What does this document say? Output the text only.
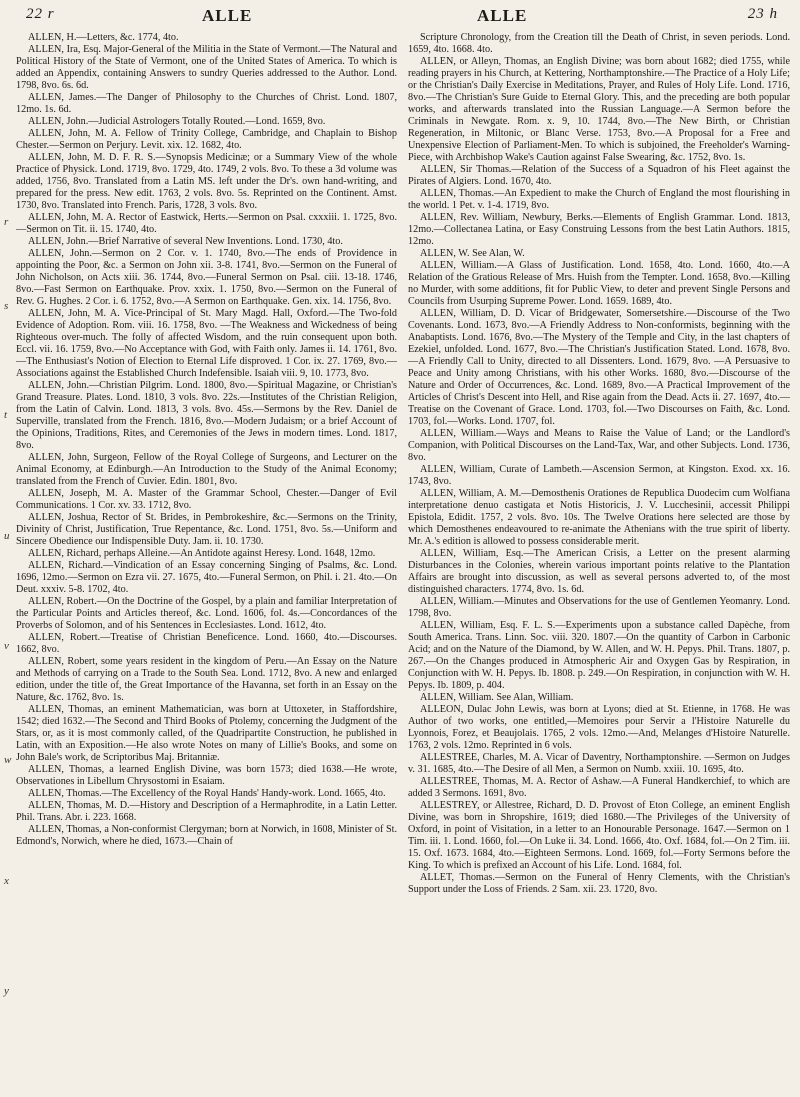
22 r	ALLE	ALLE	23 h
ALLEN, H.—Letters, &c. 1774, 4to.
ALLEN, Ira, Esq. Major-General of the Militia in the State of Vermont.—The Natural and Political History of the State of Vermont, one of the United States of America. To which is added an Appendix, containing Answers to sundry Queries addressed to the Author. Lond. 1798, 8vo. 6s. 6d.
ALLEN, James.—The Danger of Philosophy to the Churches of Christ. Lond. 1807, 12mo. 1s. 6d.
ALLEN, John.—Judicial Astrologers Totally Routed.—Lond. 1659, 8vo.
ALLEN, John, M. A. Fellow of Trinity College, Cambridge, and Chaplain to Bishop Chester.—Sermon on Perjury. Levit. xix. 12. 1682, 4to.
ALLEN, John, M. D. F. R. S.—Synopsis Medicinæ; or a Summary View of the whole Practice of Physick. Lond. 1719, 8vo. 1729, 4to. 1749, 2 vols. 8vo. To these a 3d volume was added, 1756, 8vo. Translated from a Latin MS. left under the Dr's. own hand-writing, and prepared for the press. New edit. 1763, 2 vols. 8vo. 5s. Reprinted on the Continent. Amst. 1730, 8vo. Translated into French. Paris, 1728, 3 vols. 8vo.
ALLEN, John, M. A. Rector of Eastwick, Herts.—Sermon on Psal. cxxxiii. 1. 1725, 8vo.—Sermon on Tit. ii. 15. 1740, 4to.
ALLEN, John.—Brief Narrative of several New Inventions. Lond. 1730, 4to.
ALLEN, John.—Sermon on 2 Cor. v. 1. 1740, 8vo.—The ends of Providence in appointing the Poor, &c. a Sermon on John xii. 3-8. 1741, 8vo.—Sermon on the Funeral of John Nicholson, on Acts xiii. 36. 1744, 8vo.—Funeral Sermon on Psal. ciii. 13-18. 1746, 8vo.—Fast Sermon on Earthquake. Prov. xxix. 1. 1750, 8vo.—Sermon on the Funeral of Rev. G. Hughes. 2 Cor. i. 6. 1752, 8vo.—A Sermon on Earthquake. Gen. xix. 14. 1756, 8vo.
ALLEN, John, M. A. Vice-Principal of St. Mary Magd. Hall, Oxford.—The Two-fold Evidence of Adoption. Rom. viii. 16. 1758, 8vo. —The Weakness and Wickedness of being Righteous over-much. The folly of affected Wisdom, and the ruin consequent upon both. Eccl. vii. 16. 1759, 8vo.—No Acceptance with God, with Faith only. James ii. 14. 1761, 8vo.—The Enthusiast's Notion of Election to Eternal Life disproved. 1 Cor. ix. 27. 1769, 8vo.—Associations against the Established Church Indefensible. Isaiah viii. 9, 10. 1773, 8vo.
ALLEN, John.—Christian Pilgrim. Lond. 1800, 8vo.—Spiritual Magazine, or Christian's Grand Treasure. Plates. Lond. 1810, 3 vols. 8vo. 22s.—Institutes of the Christian Religion, from the Latin of Calvin. Lond. 1813, 3 vols. 8vo. 45s.—Sermons by the Rev. Daniel de Superville, translated from the French. 1816, 8vo.—Modern Judaism; or a brief Account of the Opinions, Traditions, Rites, and Ceremonies of the Jews in modern times. Lond. 1817, 8vo.
ALLEN, John, Surgeon, Fellow of the Royal College of Surgeons, and Lecturer on the Animal Economy, at Edinburgh.—An Introduction to the Study of the Animal Economy; translated from the French of Cuvier. Edin. 1801, 8vo.
ALLEN, Joseph, M. A. Master of the Grammar School, Chester.—Danger of Evil Communications. 1 Cor. xv. 33. 1712, 8vo.
ALLEN, Joshua, Rector of St. Brides, in Pembrokeshire, &c.—Sermons on the Trinity, Divinity of Christ, Justification, True Repentance, &c. Lond. 1751, 8vo. 5s.—Uniform and Sincere Obedience our Indispensible Duty. Jam. ii. 10. 1730.
ALLEN, Richard, perhaps Alleine.—An Antidote against Heresy. Lond. 1648, 12mo.
ALLEN, Richard.—Vindication of an Essay concerning Singing of Psalms, &c. Lond. 1696, 12mo.—Sermon on Ezra vii. 27. 1675, 4to.—Funeral Sermon, on Phil. i. 21. 4to.—On Deut. xxxiv. 5-8. 1702, 4to.
ALLEN, Robert.—On the Doctrine of the Gospel, by a plain and familiar Interpretation of the Particular Points and Articles thereof, &c. Lond. 1606, fol. 4s.—Concordances of the Proverbs of Solomon, and of his Sentences in Ecclesiastes. Lond. 1612, 4to.
ALLEN, Robert.—Treatise of Christian Beneficence. Lond. 1660, 4to.—Discourses. 1662, 8vo.
ALLEN, Robert, some years resident in the kingdom of Peru.—An Essay on the Nature and Methods of carrying on a Trade to the South Sea. Lond. 1712, 8vo. A new and enlarged edition, under the title of, the Great Importance of the Havanna, set forth in an Essay on the Nature, &c. 1762, 8vo. 1s.
ALLEN, Thomas, an eminent Mathematician, was born at Uttoxeter, in Staffordshire, 1542; died 1632.—The Second and Third Books of Ptolemy, concerning the Judgment of the Stars, or, as it is most commonly called, of the Quadripartite Construction, he published in Latin, with an Exposition.—He also wrote Notes on many of Lillie's Books, and some on John Bale's work, de Scriptoribus Maj. Britanniæ.
ALLEN, Thomas, a learned English Divine, was born 1573; died 1638.—He wrote, Observationes in Libellum Chrysostomi in Esaiam.
ALLEN, Thomas.—The Excellency of the Royal Hands' Handy-work. Lond. 1665, 4to.
ALLEN, Thomas, M. D.—History and Description of a Hermaphrodite, in a Latin Letter. Phil. Trans. Abr. i. 223. 1668.
ALLEN, Thomas, a Non-conformist Clergyman; born at Norwich, in 1608, Minister of St. Edmond's, Norwich, where he died, 1673.—Chain of
Scripture Chronology, from the Creation till the Death of Christ, in seven periods. Lond. 1659, 4to. 1668. 4to.
ALLEN, or Alleyn, Thomas, an English Divine; was born about 1682; died 1755, while reading prayers in his Church, at Kettering, Northamptonshire.—The Practice of a Holy Life; or the Christian's Daily Exercise in Meditations, Prayer, and Rules of Holy Life. Lond. 1716, 8vo.—The Christian's Sure Guide to Eternal Glory. This, and the preceding are both popular works, and afterwards translated into the Russian Language.—A Sermon before the Criminals in Newgate. Rom. x. 9, 10. 1744, 8vo.—The New Birth, or Christian Regeneration, in Miltonic, or Blanc Verse. 1753, 8vo.—A Proposal for a Free and Unexpensive Election of Parliament-Men. To which is subjoined, the Freeholder's Warning-Piece, with Archbishop Wake's Caution against False Swearing, &c. 1752, 8vo. 1s.
ALLEN, Sir Thomas.—Relation of the Success of a Squadron of his Fleet against the Pirates of Algiers. Lond. 1670, 4to.
ALLEN, Thomas.—An Expedient to make the Church of England the most flourishing in the world. 1 Pet. v. 1-4. 1719, 8vo.
ALLEN, Rev. William, Newbury, Berks.—Elements of English Grammar. Lond. 1813, 12mo.—Collectanea Latina, or Easy Construing Lessons from the best Latin Authors. 1815, 12mo.
ALLEN, W. See Alan, W.
ALLEN, William.—A Glass of Justification. Lond. 1658, 4to. Lond. 1660, 4to.—A Relation of the Gratious Release of Mrs. Huish from the Tempter. Lond. 1658, 8vo.—Killing no Murder, with some additions, fit for Public View, to deter and prevent Single Persons and Councils from Usurping Supreme Power. Lond. 1659. 1689, 4to.
ALLEN, William, D. D. Vicar of Bridgewater, Somersetshire.—Discourse of the Two Covenants. Lond. 1673, 8vo.—A Friendly Address to Non-conformists, beginning with the Anabaptists. Lond. 1676, 8vo.—The Mystery of the Temple and City, in the last chapters of Ezekiel, unfolded. Lond. 1677, 8vo.—The Christian's Justification Stated. Lond. 1678, 8vo. —A Friendly Call to Unity, directed to all Dissenters. Lond. 1679, 8vo. —A Persuasive to Peace and Unity among Christians, with his other Works. 1680, 8vo.—Discourse of the Nature and Order of Occurrences, &c. Lond. 1689, 8vo.—A Practical Improvement of the Articles of Christ's Descent into Hell, and Rise again from the Dead. Acts ii. 27. 1697, 4to.—Treatise on the Covenant of Grace. Lond. 1703, fol.—Two Discourses on Faith, &c. Lond. 1703, fol.—Works. Lond. 1707, fol.
ALLEN, William.—Ways and Means to Raise the Value of Land; or the Landlord's Companion, with Political Discourses on the Land-Tax, War, and other Subjects. Lond. 1736, 8vo.
ALLEN, William, Curate of Lambeth.—Ascension Sermon, at Kingston. Exod. xx. 16. 1743, 8vo.
ALLEN, William, A. M.—Demosthenis Orationes de Republica Duodecim cum Wolfiana interpretatione denuo castigata et Notis Historicis, J. V. Lucchesinii, accessit Philippi Epistola, Edidit. 1757, 2 vols. 8vo. 10s. The Twelve Orations here selected are those by which Demosthenes endeavoured to re-animate the Athenians with the true spirit of liberty. Mr. A.'s edition is allowed to possess considerable merit.
ALLEN, William, Esq.—The American Crisis, a Letter on the present alarming Disturbances in the Colonies, wherein various important points relative to the Plantation Affairs are brought into discussion, as well as several persons adverted to, of the most distinguished characters. 1774, 8vo. 1s. 6d.
ALLEN, William.—Minutes and Observations for the use of Gentlemen Yeomanry. Lond. 1798, 8vo.
ALLEN, William, Esq. F. L. S.—Experiments upon a substance called Dapèche, from South America. Trans. Linn. Soc. viii. 320. 1807.—On the quantity of Carbon in Carbonic Acid; and on the Nature of the Diamond, by W. Allen, and W. H. Pepys. Phil. Trans. 1807, p. 267.—On the Changes produced in Atmospheric Air and Oxygen Gas by Respiration, in Conjunction with W. H. Pepys. Ib. 1808. p. 249.—On Respiration, in conjunction with W. H. Pepys. Ib. 1809, p. 404.
ALLEN, William. See Alan, William.
ALLEON, Dulac John Lewis, was born at Lyons; died at St. Etienne, in 1768. He was Author of two works, one entitled,—Memoires pour Servir a l'Histoire Naturelle du Lyonnois, Forez, et Beaujolais. 1765, 2 vols. 12mo.—And, Melanges d'Histoire Naturelle. 1763, 2 vols. 12mo. Reprinted in 6 vols.
ALLESTREE, Charles, M. A. Vicar of Daventry, Northamptonshire. —Sermon on Judges v. 31. 1685, 4to.—The Desire of all Men, a Sermon on Numb. xxiii. 10. 1695, 4to.
ALLESTREE, Thomas, M. A. Rector of Ashaw.—A Funeral Handkerchief, to which are added 3 Sermons. 1691, 8vo.
ALLESTREY, or Allestree, Richard, D. D. Provost of Eton College, an eminent English Divine, was born in Shropshire, 1619; died 1680.—The Privileges of the University of Oxford, in point of Visitation, in a letter to an Honourable Personage. 1647.—Sermon on 1 Tim. iii. 1. Lond. 1660, fol.—On Luke ii. 34. Lond. 1666, 4to. Oxf. 1684, fol.—On 2 Tim. iii. 15. Oxf. 1673. 1684, 4to.—Eighteen Sermons. Lond. 1669, fol.—Forty Sermons before the King. To which is prefixed an Account of his Life. Lond. 1684, fol.
ALLET, Thomas.—Sermon on the Funeral of Henry Clements, with the Christian's Support under the Loss of Friends. 2 Sam. xii. 23. 1720, 8vo.
r
s
t
u
v
w
x
y
